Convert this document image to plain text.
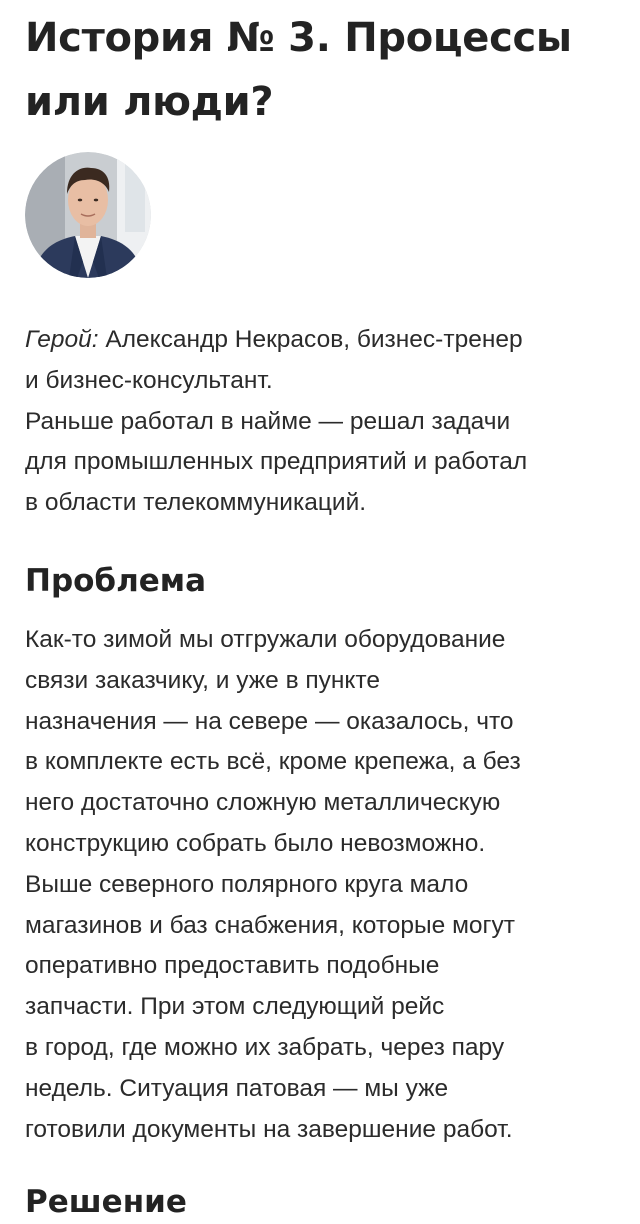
История № 3. Процессы
или люди?

Герой: Александр Некрасов, бизнес-тренер
и бизнес-консультант.
Раньше работал в найме — решал задачи
для промышленных предприятий и работал
в области телекоммуникаций.

Проблема
Как-то зимой мы отгружали оборудование
связи заказчику, и уже в пункте
назначения — на севере — оказалось, что
в комплекте есть всё, кроме крепежа, а без
него достаточно сложную металлическую
конструкцию собрать было невозможно.
Выше северного полярного круга мало
магазинов и баз снабжения, которые могут
оперативно предоставить подобные
запчасти. При этом следующий рейс
в город, где можно их забрать, через пару
недель. Ситуация патовая — мы уже
готовили документы на завершение работ.
Решение
